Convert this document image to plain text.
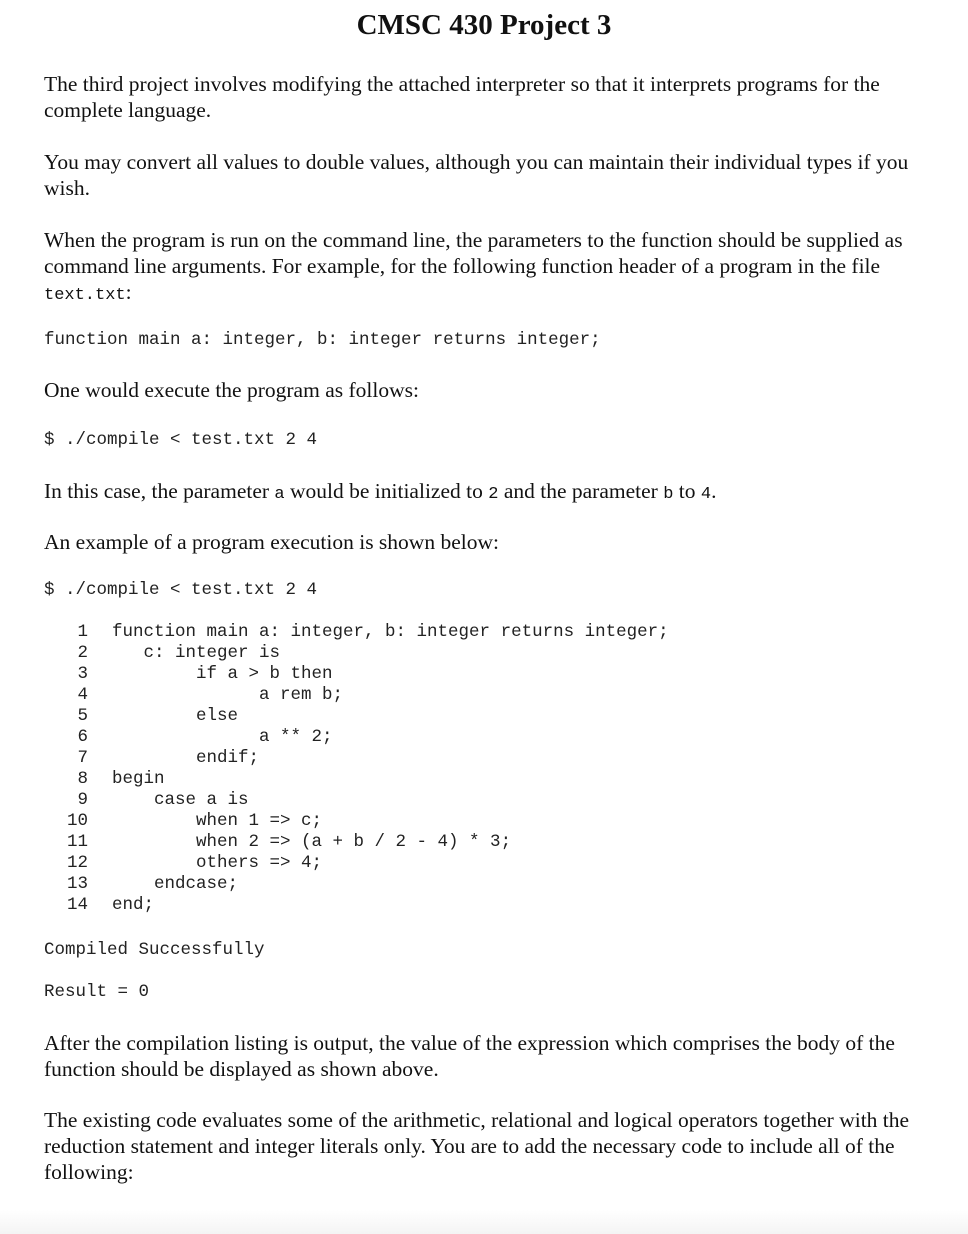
CMSC 430 Project 3

The third project involves modifying the attached interpreter so that it interprets programs for the complete language.

You may convert all values to double values, although you can maintain their individual types if you wish.

When the program is run on the command line, the parameters to the function should be supplied as command line arguments. For example, for the following function header of a program in the file text.txt:

function main a: integer, b: integer returns integer;

One would execute the program as follows:

$ ./compile < test.txt 2 4

In this case, the parameter a would be initialized to 2 and the parameter b to 4.

An example of a program execution is shown below:

$ ./compile < test.txt 2 4
1 function main a: integer, b: integer returns integer;
2 c: integer is
3 if a > b then
4 a rem b;
5 else
6 a ** 2;
7 endif;
8 begin
9 case a is
10 when 1 => c;
11 when 2 => (a + b / 2 - 4) * 3;
12 others => 4;
13 endcase;
14 end;
Compiled Successfully
Result = 0

After the compilation listing is output, the value of the expression which comprises the body of the function should be displayed as shown above.

The existing code evaluates some of the arithmetic, relational and logical operators together with the reduction statement and integer literals only. You are to add the necessary code to include all of the following:
